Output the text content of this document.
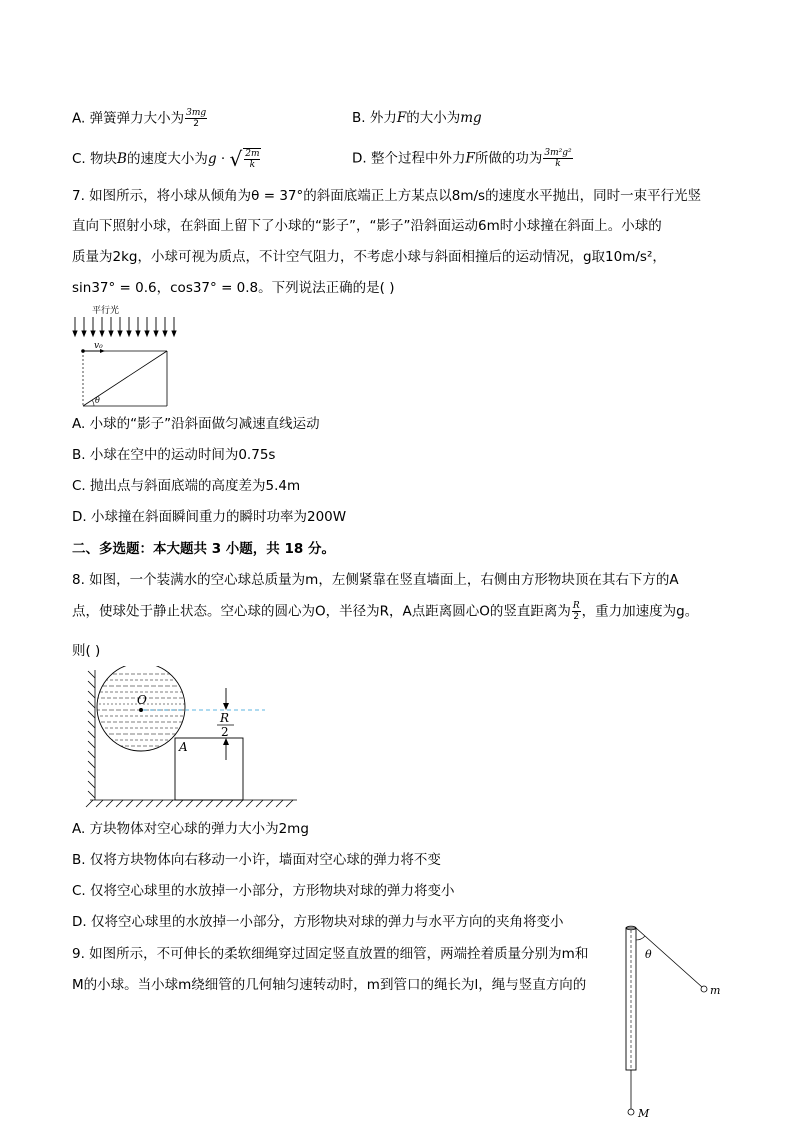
A. 弹簧弹力大小为 $\frac{3mg}{2}$	B. 外力F的大小为mg
C. 物块B的速度大小为g · √ $\frac{2m}{k}$	D. 整个过程中外力F所做的功为 $\frac{\text{3m²g²}}{k}$
7. 如图所示，将小球从倾角为θ = 37°的斜面底端正上方某点以8m/s的速度水平抛出，同时一束平行光竖
直向下照射小球，在斜面上留下了小球的“影子”，“影子”沿斜面运动6m时小球撞在斜面上。小球的
质量为2kg，小球可视为质点，不计空气阻力，不考虑小球与斜面相撞后的运动情况，g取10m/s²，
sin37° = 0.6，cos37° = 0.8。下列说法正确的是( )
平行光
v₀
θ
A. 小球的“影子”沿斜面做匀减速直线运动
B. 小球在空中的运动时间为0.75s
C. 抛出点与斜面底端的高度差为5.4m
D. 小球撞在斜面瞬间重力的瞬时功率为200W
二、多选题：本大题共 3 小题，共 18 分。
8. 如图，一个装满水的空心球总质量为m，左侧紧靠在竖直墙面上，右侧由方形物块顶在其右下方的A
点，使球处于静止状态。空心球的圆心为O，半径为R，A点距离圆心O的竖直距离为 $\frac{R}{2}$ ，重力加速度为g。
则( )
O
A
R
2
A. 方块物体对空心球的弹力大小为2mg
B. 仅将方块物体向右移动一小许，墙面对空心球的弹力将不变
C. 仅将空心球里的水放掉一小部分，方形物块对球的弹力将变小
D. 仅将空心球里的水放掉一小部分，方形物块对球的弹力与水平方向的夹角将变小
9. 如图所示，不可伸长的柔软细绳穿过固定竖直放置的细管，两端拴着质量分别为m和
M的小球。当小球m绕细管的几何轴匀速转动时，m到管口的绳长为l，绳与竖直方向的	m
θ
M
